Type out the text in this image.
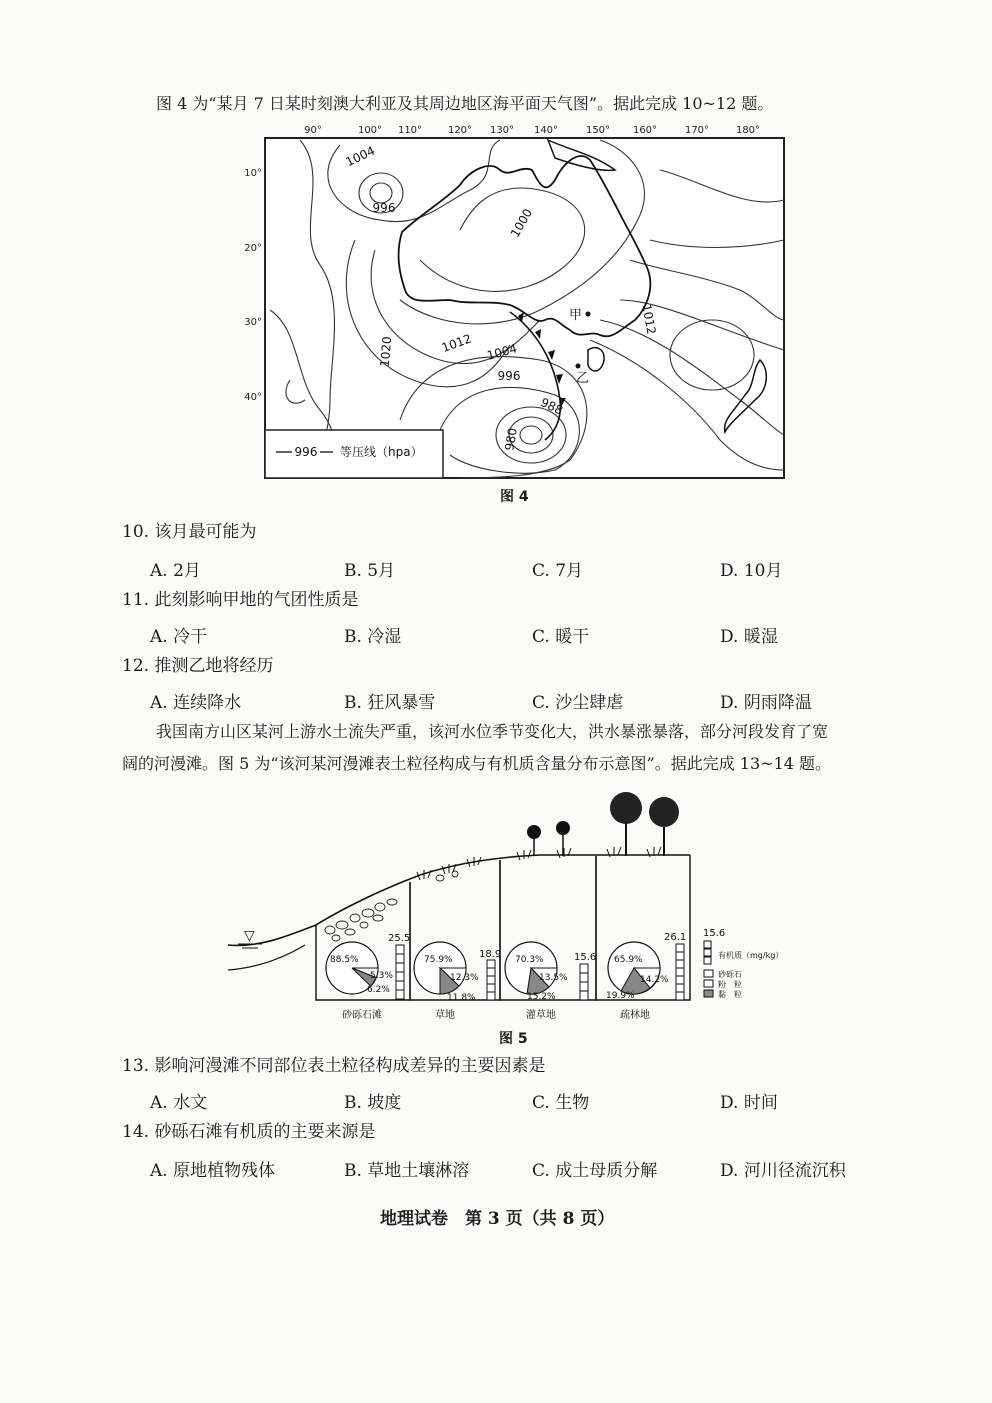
图 4 为“某月 7 日某时刻澳大利亚及其周边地区海平面天气图”。据此完成 10~12 题。
90°	100° 110°	120° 130° 140°	150° 160°	170°	180°
10°
20°
30°
40°
1004
996	1000
1012
1020
1012
1004
996
988
980
甲
乙
996 等压线（hpa）
图 4
10. 该月最可能为
A. 2月	B. 5月	C. 7月	D. 10月
11. 此刻影响甲地的气团性质是
A. 冷干	B. 冷湿	C. 暖干	D. 暖湿
12. 推测乙地将经历
A. 连续降水	B. 狂风暴雪	C. 沙尘肆虐	D. 阴雨降温
我国南方山区某河上游水土流失严重，该河水位季节变化大，洪水暴涨暴落，部分河段发育了宽
阔的河漫滩。图 5 为“该河某河漫滩表土粒径构成与有机质含量分布示意图”。据此完成 13~14 题。
▽
88.5%
5.3%
6.2%
75.9%
12.3%
11.8%
70.3%
13.5%
15.2%
65.9%
14.2%
19.9%
25.5
18.9	15.6
26.1
砂砾石滩	草地	灌草地	疏林地
15.6
有机质（mg/kg）
砂砾石
粉　粒
黏　粒
图 5
13. 影响河漫滩不同部位表土粒径构成差异的主要因素是
A. 水文	B. 坡度	C. 生物	D. 时间
14. 砂砾石滩有机质的主要来源是
A. 原地植物残体	B. 草地土壤淋溶	C. 成土母质分解	D. 河川径流沉积
地理试卷　第 3 页（共 8 页）
